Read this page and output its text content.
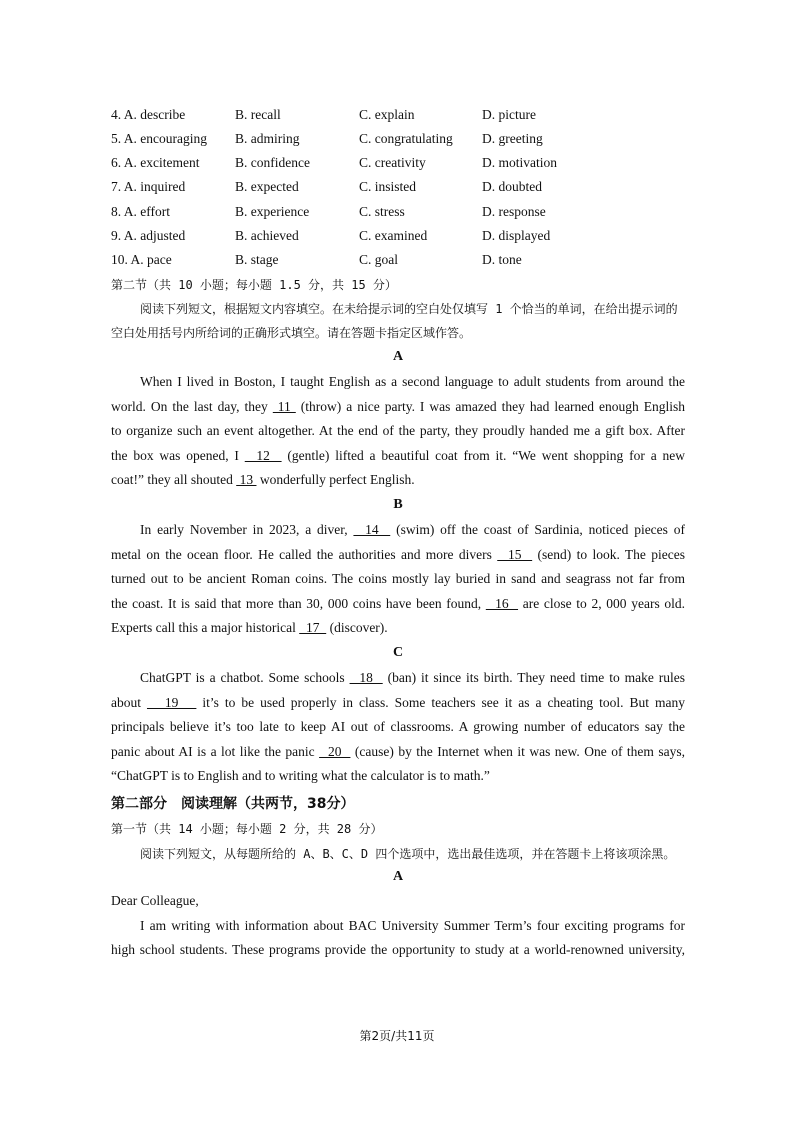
4. A. describe	B. recall	C. explain	D. picture
5. A. encouraging B. admiring	C. congratulating D. greeting
6. A. excitement	B. confidence	C. creativity	D. motivation
7. A. inquired	B. expected	C. insisted	D. doubted
8. A. effort	B. experience	C. stress	D. response
9. A. adjusted	B. achieved	C. examined	D. displayed
10. A. pace	B. stage	C. goal	D. tone
第二节（共 10 小题；每小题 1.5 分，共 15 分）
阅读下列短文，根据短文内容填空。在未给提示词的空白处仅填写 1 个恰当的单词，在给出提示词的
空白处用括号内所给词的正确形式填空。请在答题卡指定区域作答。
A
When I lived in Boston, I taught English as a second language to adult students from around the
world. On the last day, they  11  (throw) a nice party. I was amazed they had learned enough English
to organize such an event altogether. At the end of the party, they proudly handed me a gift box. After
the box was opened, I   12   (gentle) lifted a beautiful coat from it. “We went shopping for a new
coat!” they all shouted  13  wonderfully perfect English.
B
In early November in 2023, a diver,   14   (swim) off the coast of Sardinia, noticed pieces of
metal on the ocean floor. He called the authorities and more divers   15   (send) to look. The pieces
turned out to be ancient Roman coins. The coins mostly lay buried in sand and seagrass not far from
the coast. It is said that more than 30, 000 coins have been found,   16   are close to 2, 000 years old.
Experts call this a major historical   17   (discover).
C
ChatGPT is a chatbot. Some schools   18   (ban) it since its birth. They need time to make rules
about    19    it’s to be used properly in class. Some teachers see it as a cheating tool. But many
principals believe it’s too late to keep AI out of classrooms. A growing number of educators say the
panic about AI is a lot like the panic   20   (cause) by the Internet when it was new. One of them says,
“ChatGPT is to English and to writing what the calculator is to math.”
第二部分　阅读理解（共两节，38分）
第一节（共 14 小题；每小题 2 分，共 28 分）
阅读下列短文，从每题所给的 A、B、C、D 四个选项中，选出最佳选项，并在答题卡上将该项涂黑。
A
Dear Colleague,
I am writing with information about BAC University Summer Term’s four exciting programs for
high school students. These programs provide the opportunity to study at a world-renowned university,
第2页/共11页
